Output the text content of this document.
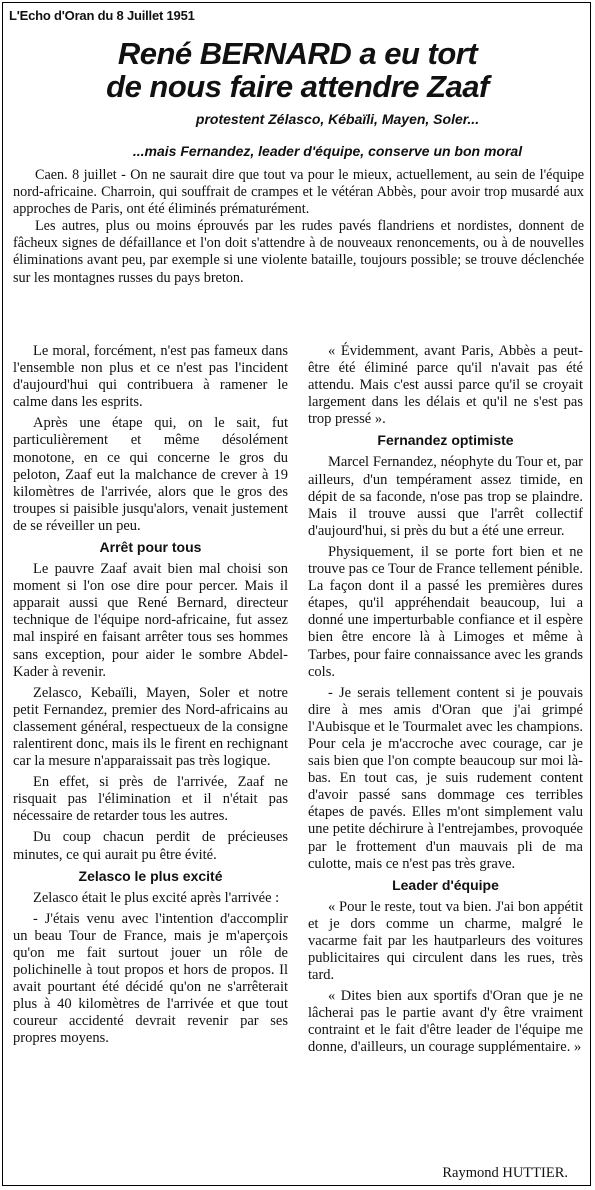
L'Echo d'Oran du 8 Juillet 1951
René BERNARD a eu tort
de nous faire attendre Zaaf
protestent Zélasco, Kébaïli, Mayen, Soler...
...mais Fernandez, leader d'équipe, conserve un bon moral

Caen. 8 juillet - On ne saurait dire que tout va pour le mieux, actuellement, au sein de l'équipe nord-africaine. Charroin, qui souffrait de crampes et le vétéran Abbès, pour avoir trop musardé aux approches de Paris, ont été éliminés prématurément.

Les autres, plus ou moins éprouvés par les rudes pavés flandriens et nordistes, donnent de fâcheux signes de défaillance et l'on doit s'attendre à de nouveaux renoncements, ou à de nouvelles éliminations avant peu, par exemple si une violente bataille, toujours possible; se trouve déclenchée sur les montagnes russes du pays breton.

Le moral, forcément, n'est pas fameux dans l'ensemble non plus et ce n'est pas l'incident d'aujourd'hui qui contribuera à ramener le calme dans les esprits.

Après une étape qui, on le sait, fut particulièrement et même désolément monotone, en ce qui concerne le gros du peloton, Zaaf eut la malchance de crever à 19 kilomètres de l'arrivée, alors que le gros des troupes si paisible jusqu'alors, venait justement de se réveiller un peu.

Arrêt pour tous

Le pauvre Zaaf avait bien mal choisi son moment si l'on ose dire pour percer. Mais il apparait aussi que René Bernard, directeur technique de l'équipe nord-africaine, fut assez mal inspiré en faisant arrêter tous ses hommes sans exception, pour aider le sombre Abdel-Kader à revenir.

Zelasco, Kebaïli, Mayen, Soler et notre petit Fernandez, premier des Nord-africains au classement général, respectueux de la consigne ralentirent donc, mais ils le firent en rechignant car la mesure n'apparaissait pas très logique.

En effet, si près de l'arrivée, Zaaf ne risquait pas l'élimination et il n'était pas nécessaire de retarder tous les autres.

Du coup chacun perdit de précieuses minutes, ce qui aurait pu être évité.

Zelasco le plus excité

Zelasco était le plus excité après l'arrivée :

- J'étais venu avec l'intention d'accomplir un beau Tour de France, mais je m'aperçois qu'on me fait surtout jouer un rôle de polichinelle à tout propos et hors de propos. Il avait pourtant été décidé qu'on ne s'arrêterait plus à 40 kilomètres de l'arrivée et que tout coureur accidenté devrait revenir par ses propres moyens.

« Évidemment, avant Paris, Abbès a peut-être été éliminé parce qu'il n'avait pas été attendu. Mais c'est aussi parce qu'il se croyait largement dans les délais et qu'il ne s'est pas trop pressé ».

Fernandez optimiste

Marcel Fernandez, néophyte du Tour et, par ailleurs, d'un tempérament assez timide, en dépit de sa faconde, n'ose pas trop se plaindre. Mais il trouve aussi que l'arrêt collectif d'aujourd'hui, si près du but a été une erreur.

Physiquement, il se porte fort bien et ne trouve pas ce Tour de France tellement pénible. La façon dont il a passé les premières dures étapes, qu'il appréhendait beaucoup, lui a donné une imperturbable confiance et il espère bien être encore là à Limoges et même à Tarbes, pour faire connaissance avec les grands cols.

- Je serais tellement content si je pouvais dire à mes amis d'Oran que j'ai grimpé l'Aubisque et le Tourmalet avec les champions. Pour cela je m'accroche avec courage, car je sais bien que l'on compte beaucoup sur moi là-bas. En tout cas, je suis rudement content d'avoir passé sans dommage ces terribles étapes de pavés. Elles m'ont simplement valu une petite déchirure à l'entrejambes, provoquée par le frottement d'un mauvais pli de ma culotte, mais ce n'est pas très grave.

Leader d'équipe

« Pour le reste, tout va bien. J'ai bon appétit et je dors comme un charme, malgré le vacarme fait par les hautparleurs des voitures publicitaires qui circulent dans les rues, très tard.

« Dites bien aux sportifs d'Oran que je ne lâcherai pas le partie avant d'y être vraiment contraint et le fait d'être leader de l'équipe me donne, d'ailleurs, un courage supplémentaire. »

Raymond HUTTIER.
